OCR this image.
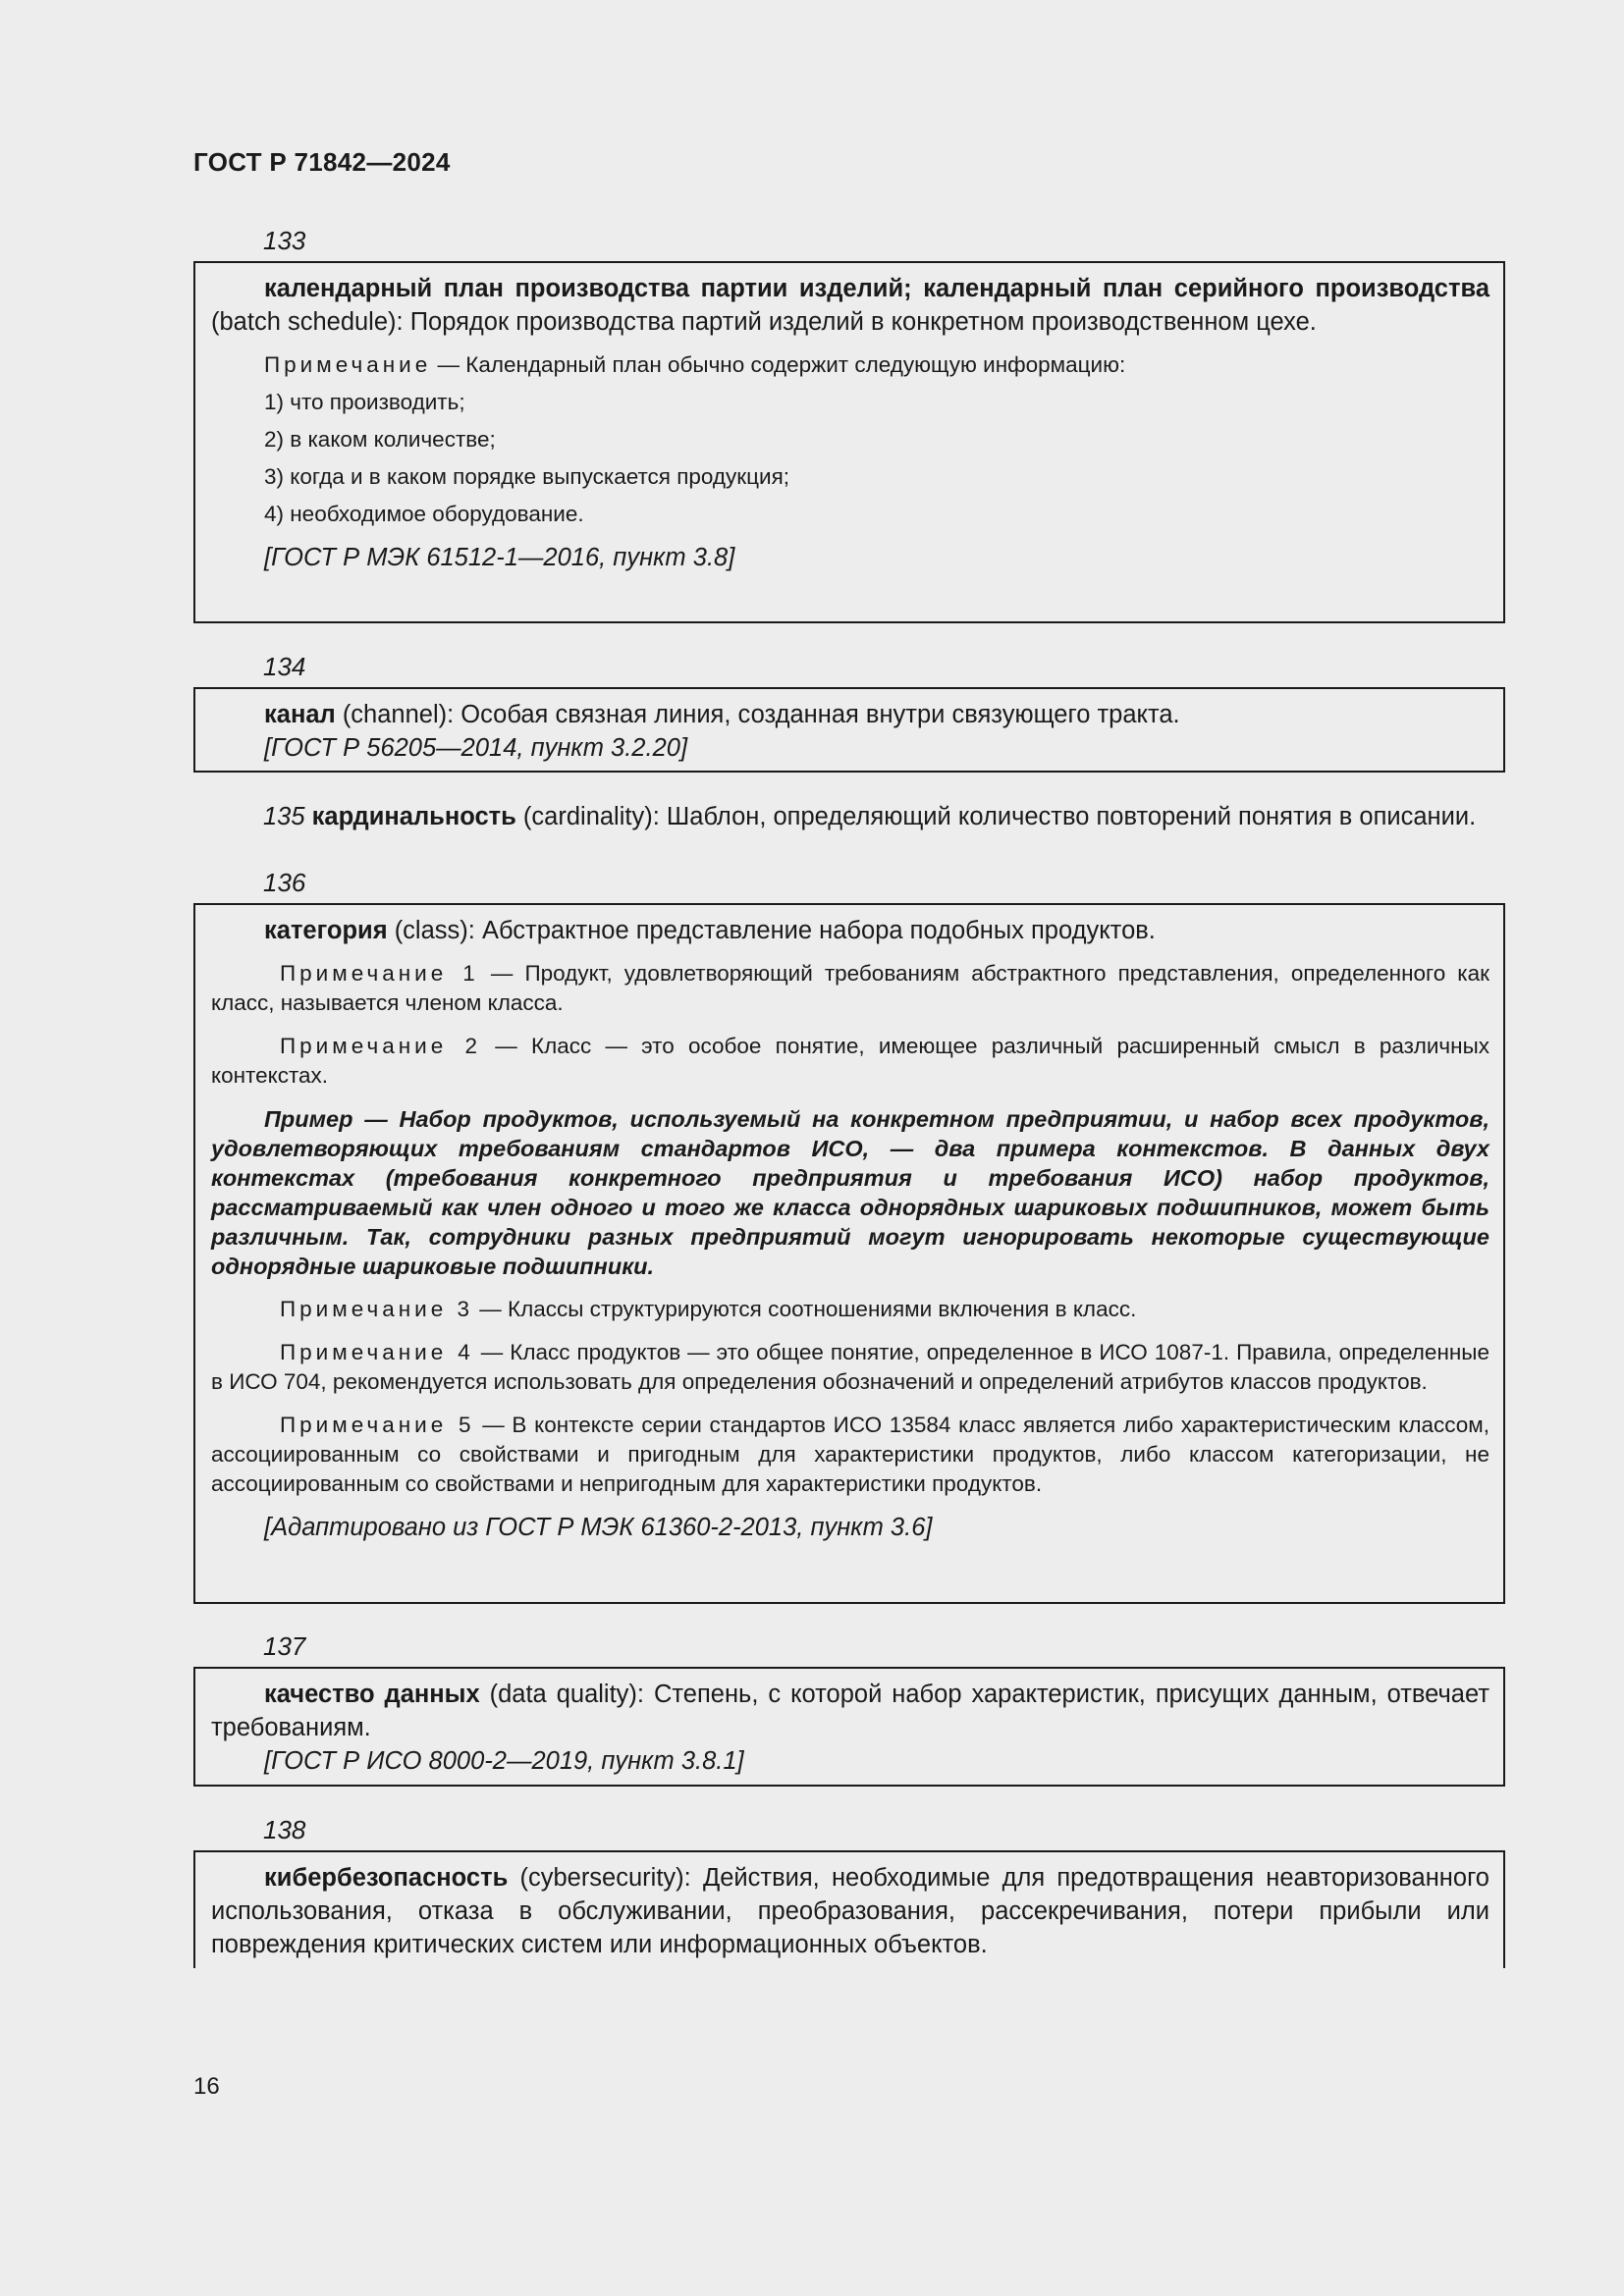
ГОСТ Р 71842—2024
133

календарный план производства партии изделий; календарный план серийного производства (batch schedule): Порядок производства партий изделий в конкретном производственном цехе.

Примечание — Календарный план обычно содержит следующую информацию:

1) что производить;

2) в каком количестве;

3) когда и в каком порядке выпускается продукция;

4) необходимое оборудование.

[ГОСТ Р МЭК 61512-1—2016, пункт 3.8]

134

канал (channel): Особая связная линия, созданная внутри связующего тракта.

[ГОСТ Р 56205—2014, пункт 3.2.20]

135 кардинальность (cardinality): Шаблон, определяющий количество повторений понятия в описании.

136

категория (class): Абстрактное представление набора подобных продуктов.

Примечание 1 — Продукт, удовлетворяющий требованиям абстрактного представления, определенного как класс, называется членом класса.

Примечание 2 — Класс — это особое понятие, имеющее различный расширенный смысл в различных контекстах.

Пример — Набор продуктов, используемый на конкретном предприятии, и набор всех продуктов, удовлетворяющих требованиям стандартов ИСО, — два примера контекстов. В данных двух контекстах (требования конкретного предприятия и требования ИСО) набор продуктов, рассматриваемый как член одного и того же класса однорядных шариковых подшипников, может быть различным. Так, сотрудники разных предприятий могут игнорировать некоторые существующие однорядные шариковые подшипники.

Примечание 3 — Классы структурируются соотношениями включения в класс.

Примечание 4 — Класс продуктов — это общее понятие, определенное в ИСО 1087-1. Правила, определенные в ИСО 704, рекомендуется использовать для определения обозначений и определений атрибутов классов продуктов.

Примечание 5 — В контексте серии стандартов ИСО 13584 класс является либо характеристическим классом, ассоциированным со свойствами и пригодным для характеристики продуктов, либо классом категоризации, не ассоциированным со свойствами и непригодным для характеристики продуктов.

[Адаптировано из ГОСТ Р МЭК 61360-2-2013, пункт 3.6]

137

качество данных (data quality): Степень, с которой набор характеристик, присущих данным, отвечает требованиям.

[ГОСТ Р ИСО 8000-2—2019, пункт 3.8.1]

138

кибербезопасность (cybersecurity): Действия, необходимые для предотвращения неавторизованного использования, отказа в обслуживании, преобразования, рассекречивания, потери прибыли или повреждения критических систем или информационных объектов.

16
